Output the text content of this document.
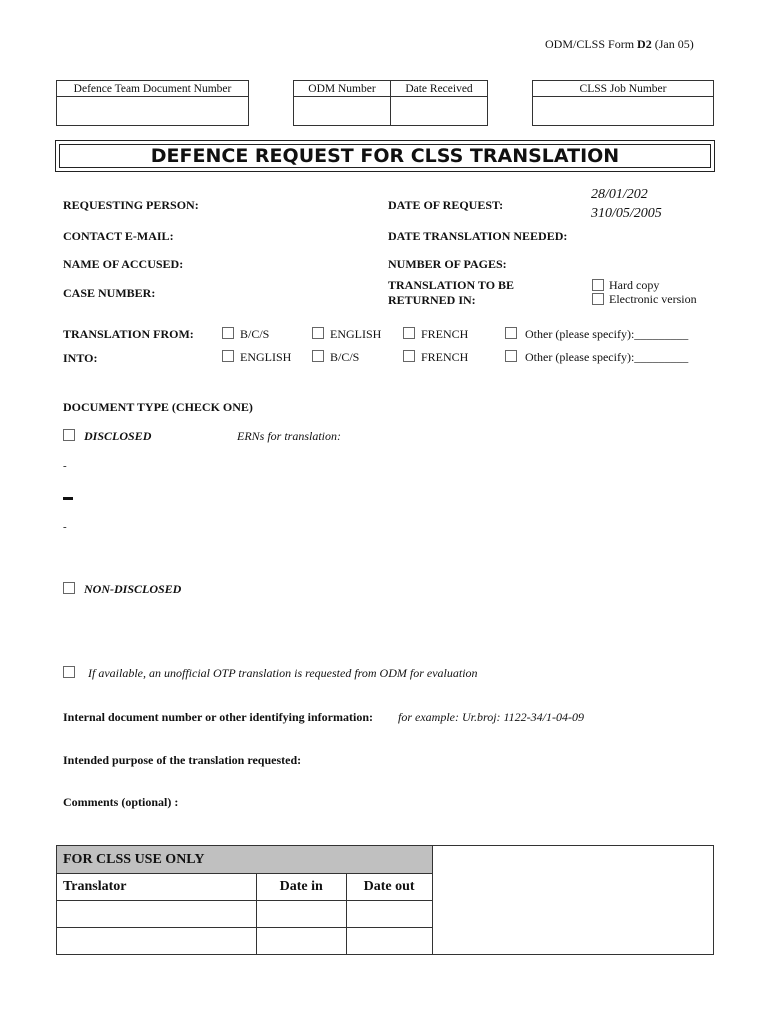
ODM/CLSS Form D2 (Jan 05)
Defence Team Document Number	ODM Number	Date Received	CLSS Job Number
DEFENCE REQUEST FOR CLSS TRANSLATION
REQUESTING PERSON:	DATE OF REQUEST:
28/01/202
310/05/2005
CONTACT E-MAIL:	DATE TRANSLATION NEEDED:
NAME OF ACCUSED:	NUMBER OF PAGES:
CASE NUMBER:
TRANSLATION TO BE
RETURNED IN:
Hard copy
Electronic version
TRANSLATION FROM:	B/C/S	ENGLISH	FRENCH	Other (please specify):_________
INTO:	ENGLISH	B/C/S	FRENCH	Other (please specify):_________
DOCUMENT TYPE (CHECK ONE)
DISCLOSED	ERNs for translation:
-
-
NON-DISCLOSED
If available, an unofficial OTP translation is requested from ODM for evaluation
Internal document number or other identifying information: for example: Ur.broj: 1122-34/1-04-09
Intended purpose of the translation requested:
Comments (optional) :
FOR CLSS USE ONLY			
Translator	Date in	Date out	
